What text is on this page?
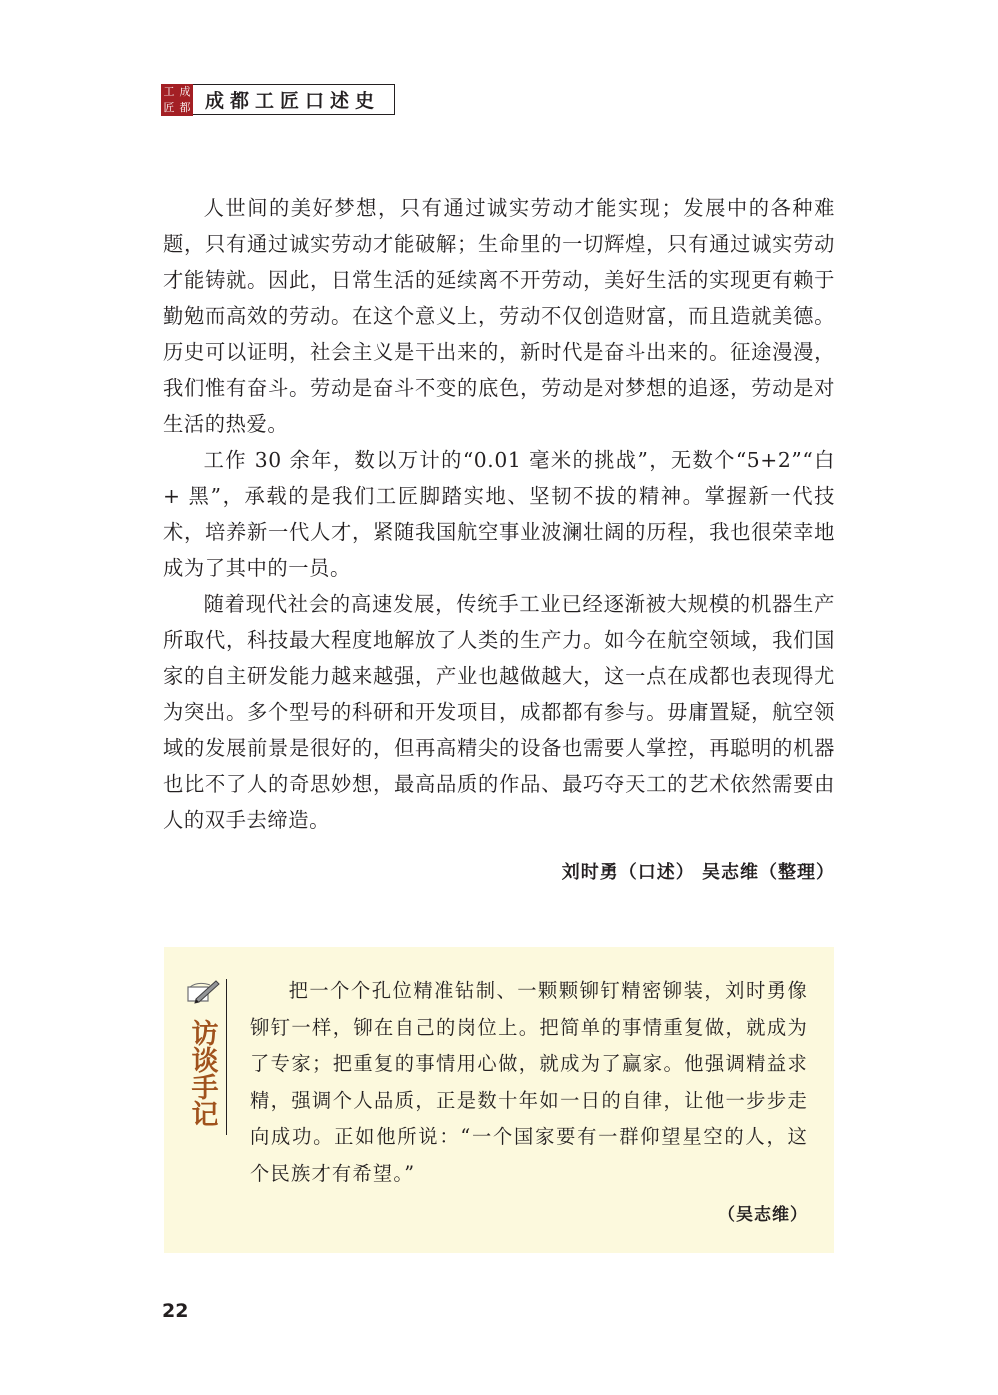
工 成
匠 都 成都工匠口述史

人世间的美好梦想，只有通过诚实劳动才能实现；发展中的各种难题，只有通过诚实劳动才能破解；生命里的一切辉煌，只有通过诚实劳动才能铸就。因此，日常生活的延续离不开劳动，美好生活的实现更有赖于勤勉而高效的劳动。在这个意义上，劳动不仅创造财富，而且造就美德。历史可以证明，社会主义是干出来的，新时代是奋斗出来的。征途漫漫，我们惟有奋斗。劳动是奋斗不变的底色，劳动是对梦想的追逐，劳动是对生活的热爱。

工作 30 余年，数以万计的“0.01 毫米的挑战”，无数个“5+2”“白 + 黑”，承载的是我们工匠脚踏实地、坚韧不拔的精神。掌握新一代技术，培养新一代人才，紧随我国航空事业波澜壮阔的历程，我也很荣幸地成为了其中的一员。

随着现代社会的高速发展，传统手工业已经逐渐被大规模的机器生产所取代，科技最大程度地解放了人类的生产力。如今在航空领域，我们国家的自主研发能力越来越强，产业也越做越大，这一点在成都也表现得尤为突出。多个型号的科研和开发项目，成都都有参与。毋庸置疑，航空领域的发展前景是很好的，但再高精尖的设备也需要人掌控，再聪明的机器也比不了人的奇思妙想，最高品质的作品、最巧夺天工的艺术依然需要由人的双手去缔造。

刘时勇（口述） 吴志维（整理）
访
谈
手
记

把一个个孔位精准钻制、一颗颗铆钉精密铆装，刘时勇像铆钉一样，铆在自己的岗位上。把简单的事情重复做，就成为了专家；把重复的事情用心做，就成为了赢家。他强调精益求精，强调个人品质，正是数十年如一日的自律，让他一步步走向成功。正如他所说：“一个国家要有一群仰望星空的人，这个民族才有希望。”

（吴志维）
22
